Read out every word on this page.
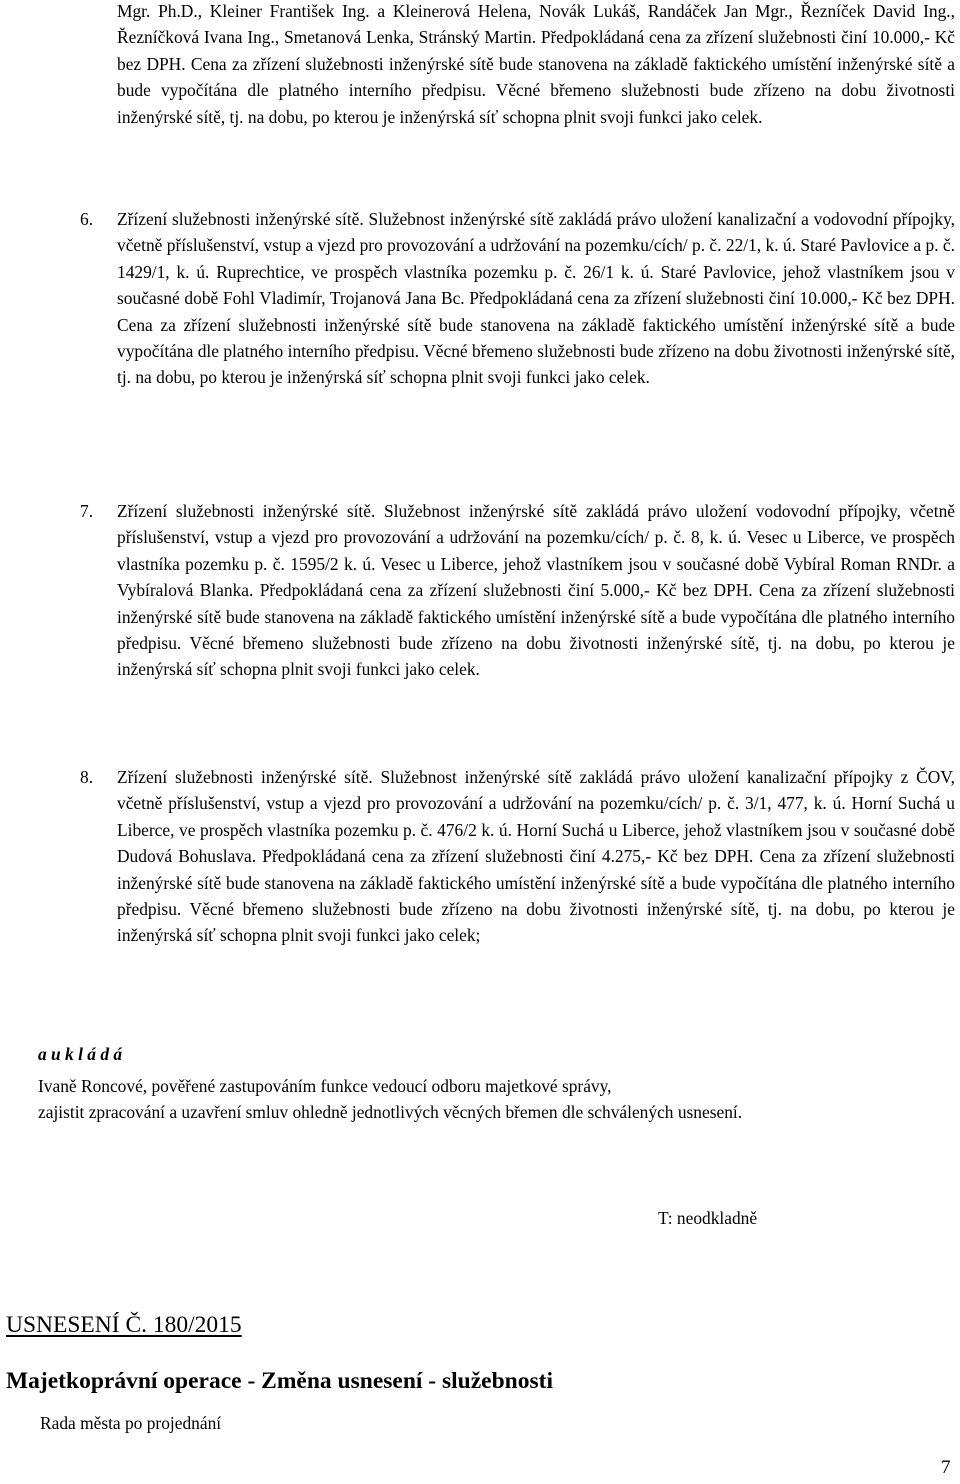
Mgr. Ph.D., Kleiner František Ing. a Kleinerová Helena, Novák Lukáš, Randáček Jan Mgr., Řezníček David Ing., Řezníčková Ivana Ing., Smetanová Lenka, Stránský Martin. Předpokládaná cena za zřízení služebnosti činí 10.000,- Kč bez DPH. Cena za zřízení služebnosti inženýrské sítě bude stanovena na základě faktického umístění inženýrské sítě a bude vypočítána dle platného interního předpisu. Věcné břemeno služebnosti bude zřízeno na dobu životnosti inženýrské sítě, tj. na dobu, po kterou je inženýrská síť schopna plnit svoji funkci jako celek.

6.	Zřízení služebnosti inženýrské sítě. Služebnost inženýrské sítě zakládá právo uložení kanalizační a vodovodní přípojky, včetně příslušenství, vstup a vjezd pro provozování a udržování na pozemku/cích/ p. č. 22/1, k. ú. Staré Pavlovice a p. č. 1429/1, k. ú. Ruprechtice, ve prospěch vlastníka pozemku p. č. 26/1 k. ú. Staré Pavlovice, jehož vlastníkem jsou v současné době Fohl Vladimír, Trojanová Jana Bc. Předpokládaná cena za zřízení služebnosti činí 10.000,- Kč bez DPH. Cena za zřízení služebnosti inženýrské sítě bude stanovena na základě faktického umístění inženýrské sítě a bude vypočítána dle platného interního předpisu. Věcné břemeno služebnosti bude zřízeno na dobu životnosti inženýrské sítě, tj. na dobu, po kterou je inženýrská síť schopna plnit svoji funkci jako celek.

7.	Zřízení služebnosti inženýrské sítě. Služebnost inženýrské sítě zakládá právo uložení vodovodní přípojky, včetně příslušenství, vstup a vjezd pro provozování a udržování na pozemku/cích/ p. č. 8, k. ú. Vesec u Liberce, ve prospěch vlastníka pozemku p. č. 1595/2 k. ú. Vesec u Liberce, jehož vlastníkem jsou v současné době Vybíral Roman RNDr. a Vybíralová Blanka. Předpokládaná cena za zřízení služebnosti činí 5.000,- Kč bez DPH. Cena za zřízení služebnosti inženýrské sítě bude stanovena na základě faktického umístění inženýrské sítě a bude vypočítána dle platného interního předpisu. Věcné břemeno služebnosti bude zřízeno na dobu životnosti inženýrské sítě, tj. na dobu, po kterou je inženýrská síť schopna plnit svoji funkci jako celek.

8.	Zřízení služebnosti inženýrské sítě. Služebnost inženýrské sítě zakládá právo uložení kanalizační přípojky z ČOV, včetně příslušenství, vstup a vjezd pro provozování a udržování na pozemku/cích/ p. č. 3/1, 477, k. ú. Horní Suchá u Liberce, ve prospěch vlastníka pozemku p. č. 476/2 k. ú. Horní Suchá u Liberce, jehož vlastníkem jsou v současné době Dudová Bohuslava. Předpokládaná cena za zřízení služebnosti činí 4.275,- Kč bez DPH. Cena za zřízení služebnosti inženýrské sítě bude stanovena na základě faktického umístění inženýrské sítě a bude vypočítána dle platného interního předpisu. Věcné břemeno služebnosti bude zřízeno na dobu životnosti inženýrské sítě, tj. na dobu, po kterou je inženýrská síť schopna plnit svoji funkci jako celek;

a u k l á d á

Ivaně Roncové, pověřené zastupováním funkce vedoucí odboru majetkové správy,
zajistit zpracování a uzavření smluv ohledně jednotlivých věcných břemen dle schválených usnesení.

T: neodkladně

USNESENÍ Č. 180/2015

Majetkoprávní operace - Změna usnesení - služebnosti

Rada města po projednání

7
